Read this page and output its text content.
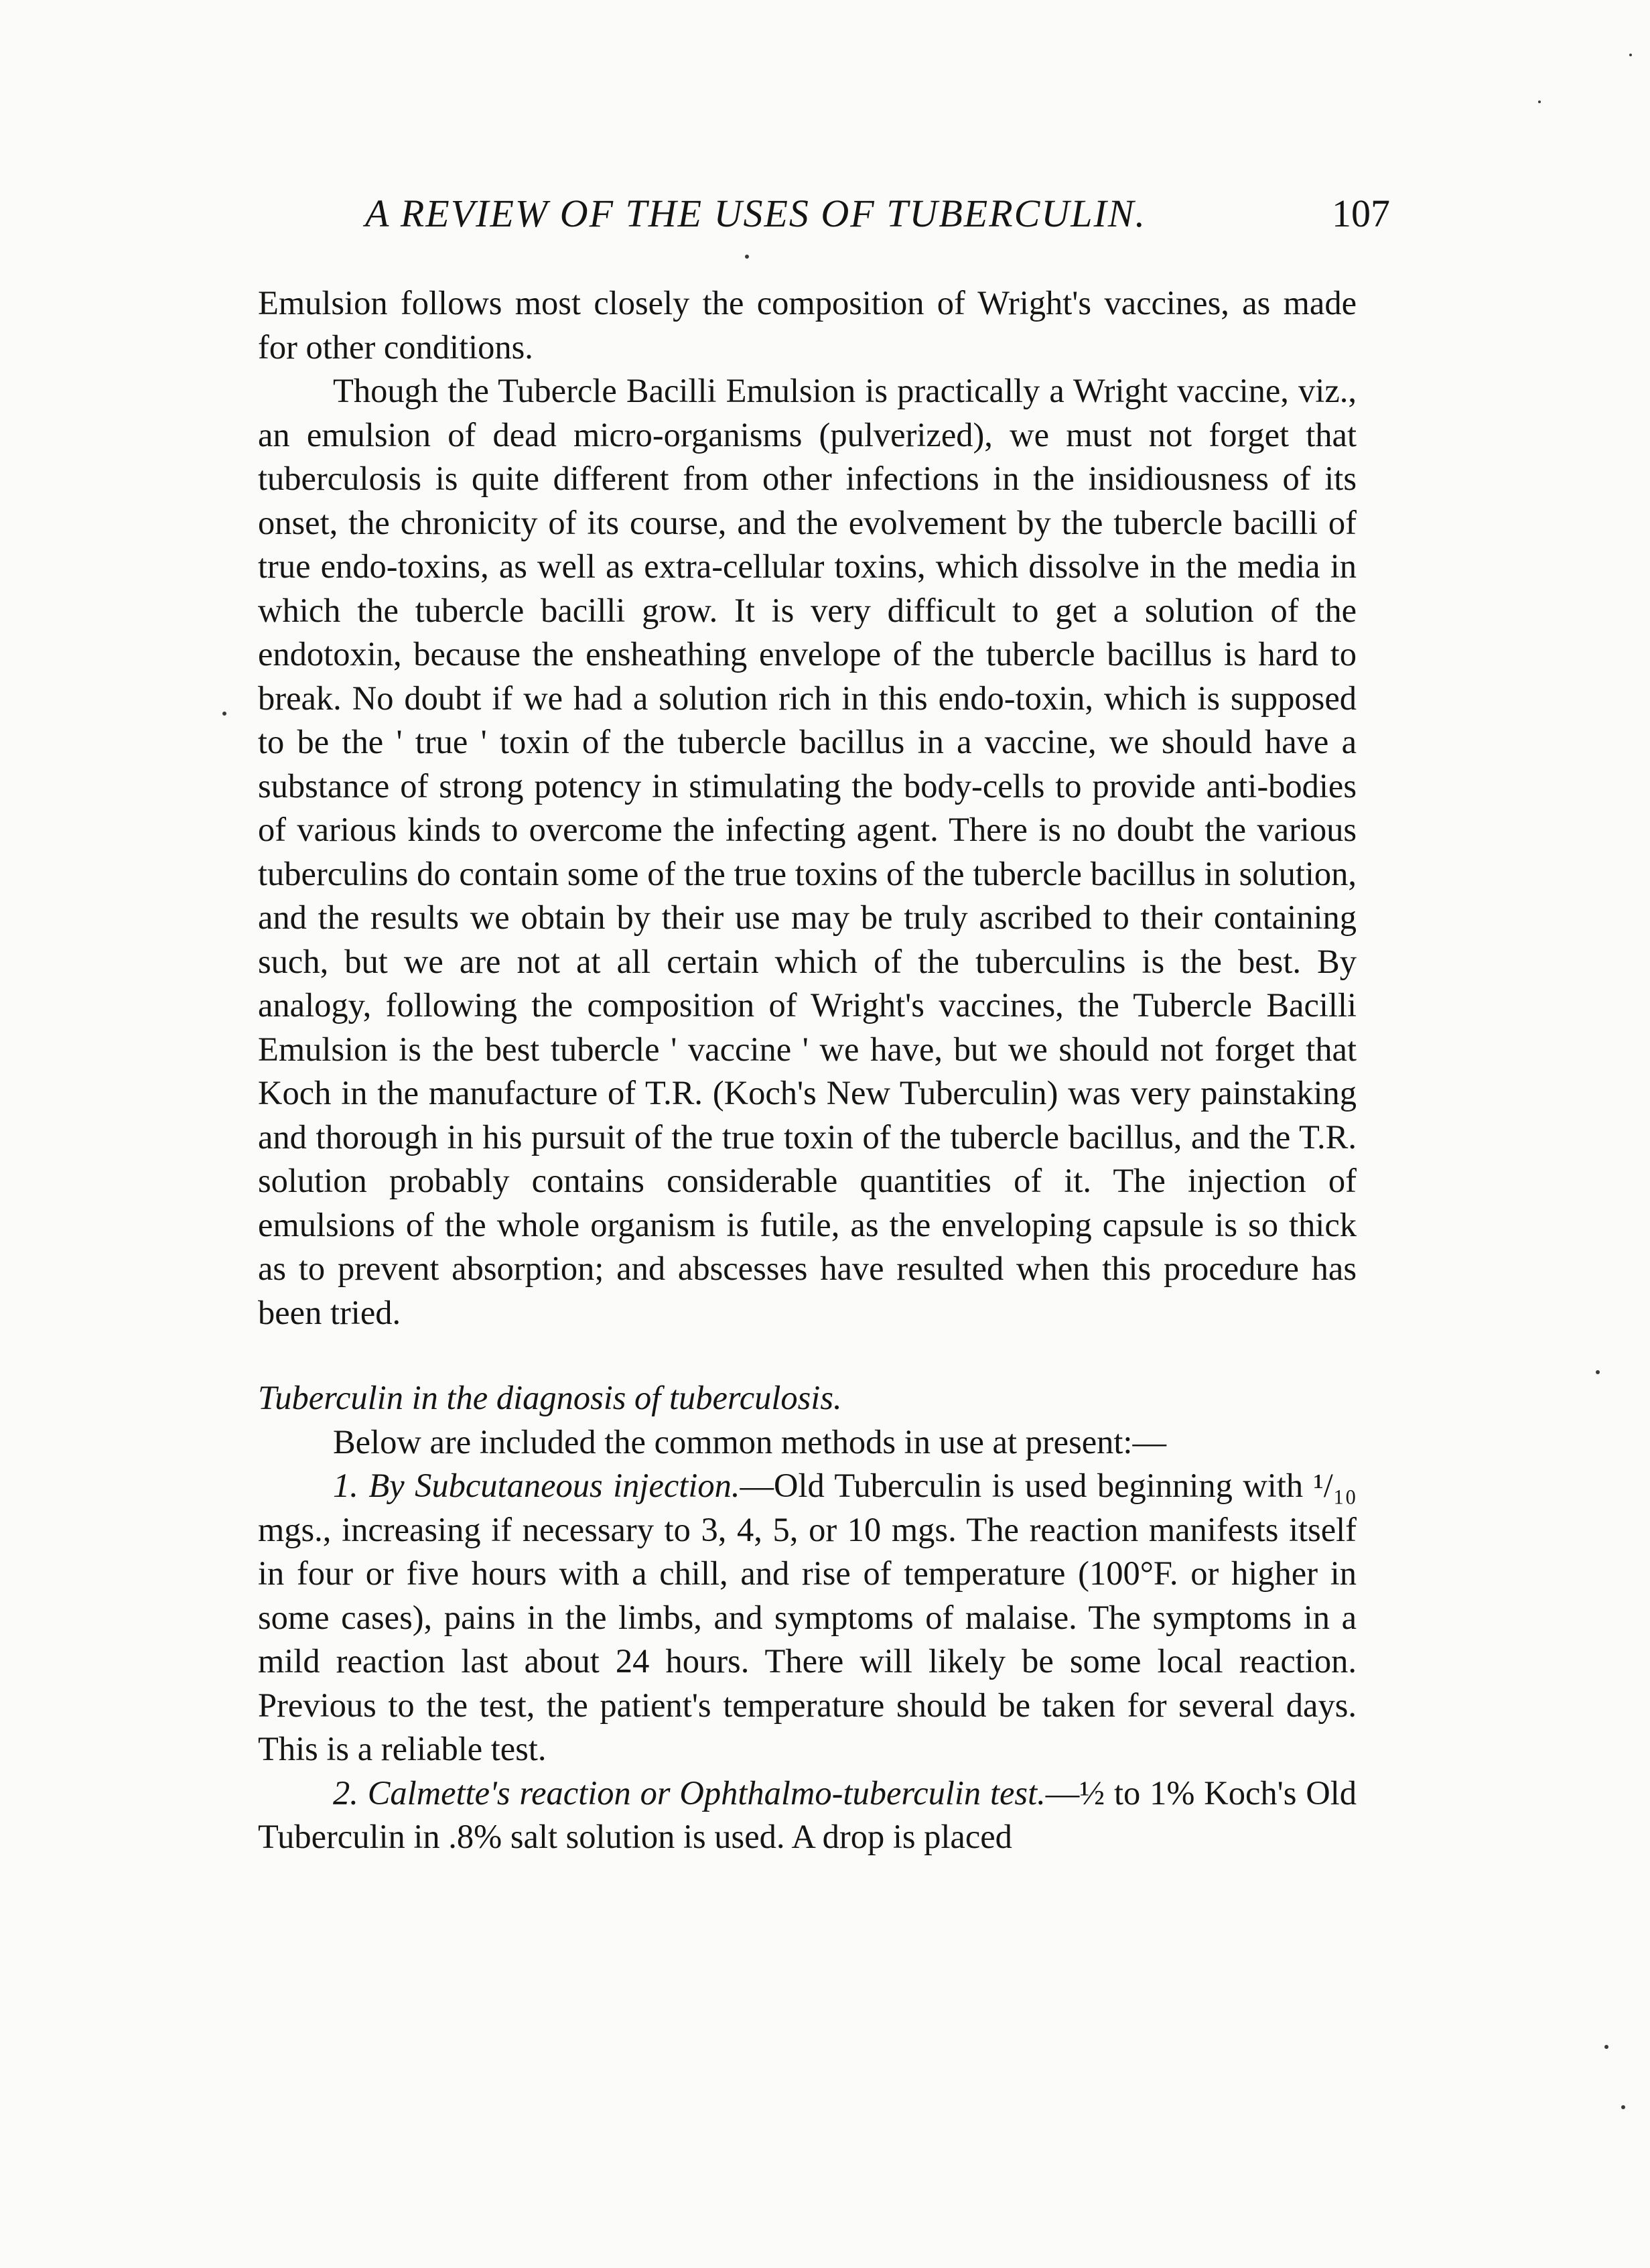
A REVIEW OF THE USES OF TUBERCULIN.	107

Emulsion follows most closely the composition of Wright's vaccines, as made for other conditions.

Though the Tubercle Bacilli Emulsion is practically a Wright vaccine, viz., an emulsion of dead micro-organisms (pulverized), we must not forget that tuberculosis is quite different from other infections in the insidiousness of its onset, the chronicity of its course, and the evolvement by the tubercle bacilli of true endo-toxins, as well as extra-cellular toxins, which dissolve in the media in which the tubercle bacilli grow. It is very difficult to get a solution of the endotoxin, because the ensheathing envelope of the tubercle bacillus is hard to break. No doubt if we had a solution rich in this endo-toxin, which is supposed to be the ' true ' toxin of the tubercle bacillus in a vaccine, we should have a substance of strong potency in stimulating the body-cells to provide anti-bodies of various kinds to overcome the infecting agent. There is no doubt the various tuberculins do contain some of the true toxins of the tubercle bacillus in solution, and the results we obtain by their use may be truly ascribed to their containing such, but we are not at all certain which of the tuberculins is the best. By analogy, following the composition of Wright's vaccines, the Tubercle Bacilli Emulsion is the best tubercle ' vaccine ' we have, but we should not forget that Koch in the manufacture of T.R. (Koch's New Tuberculin) was very painstaking and thorough in his pursuit of the true toxin of the tubercle bacillus, and the T.R. solution probably contains considerable quantities of it. The injection of emulsions of the whole organism is futile, as the enveloping capsule is so thick as to prevent absorption; and abscesses have resulted when this procedure has been tried.

Tuberculin in the diagnosis of tuberculosis.

Below are included the common methods in use at present:—

1. By Subcutaneous injection.—Old Tuberculin is used beginning with ¹/₁₀ mgs., increasing if necessary to 3, 4, 5, or 10 mgs. The reaction manifests itself in four or five hours with a chill, and rise of temperature (100°F. or higher in some cases), pains in the limbs, and symptoms of malaise. The symptoms in a mild reaction last about 24 hours. There will likely be some local reaction. Previous to the test, the patient's temperature should be taken for several days. This is a reliable test.

2. Calmette's reaction or Ophthalmo-tuberculin test.—½ to 1% Koch's Old Tuberculin in .8% salt solution is used. A drop is placed
